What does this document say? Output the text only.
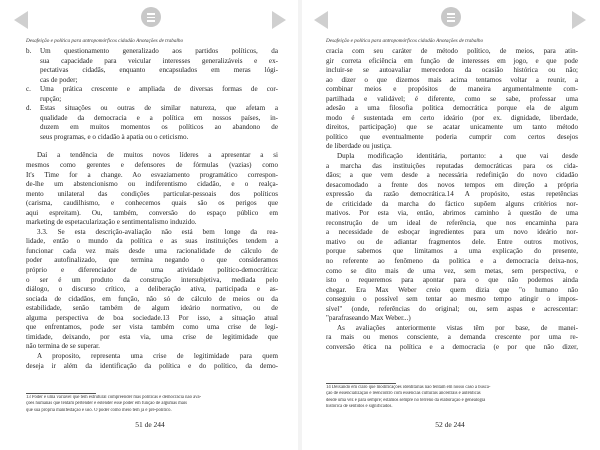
Desafeição e política para antropomórficos cidadão Anotações de trabalho
b.	Um questionamento generalizado aos partidos políticos, da
sua capacidade para veicular interesses generalizáveis e ex-
pectativas cidadãs, enquanto encapsulados em meras lógi-
cas de poder;
c.	Uma prática crescente e ampliada de diversas formas de cor-
rupção;
d.	Estas situações ou outras de similar natureza, que afetam a
qualidade da democracia e a política em nossos países, in-
duzem em muitos momentos os políticos ao abandono de
seus programas, e o cidadão à apatia ou o ceticismo.
Daí a tendência de muitos novos líderes a apresentar a si
mesmos como gerentes e defensores de fórmulas (vazias) como
It's Time for a change. Ao esvaziamento programático correspon-
de-lhe um abstencionismo ou indiferentismo cidadão, e o realça-
mento unilateral das condições particular-pessoais dos políticos
(carisma, caudilhismo, e conhecemos quais são os perigos que
aqui espreitam). Ou, também, conversão do espaço público em
marketing de espetacularização e sentimentalismo induzido.
3.3. Se esta descrição-avaliação não está bem longe da rea-
lidade, então o mundo da política e as suas instituições tendem a
funcionar cada vez mais desde uma racionalidade de cálculo de
poder autofinalizado, que termina negando o que consideramos
próprio e diferenciador de uma atividade político-democrática:
o ser é um produto da construção intersubjetiva, mediada pelo
diálogo, o discurso crítico, a deliberação ativa, participada e as-
sociada de cidadãos, em função, não só de cálculo de meios ou da
estabilidade, senão também de algum ideário normativo, ou de
alguma perspectiva de boa sociedade.13 Por isso, a situação atual
que enfrentamos, pode ser vista também como uma crise de legi-
timidade, deixando, por esta via, uma crise de legitimidade que
não termina de se superar.
A proposito, representa uma crise de legitimidade para quem
deseja ir além da identificação da política e do político, da demo-
13 Poder é uma variável que tem estrutural compreender mas políticas e democracia não ava-
ções humanas que tentam pertender e estender esse poder em função de algumas mais
que sua própria manifestação e uso. O poder como meio tem já é pré-político.
51 de 244
Desafeição e política para antropomórficos cidadão Anotações de trabalho
cracia com seu caráter de método político, de meios, para atin-
gir correta eficiência em função de interesses em jogo, e que pode
incluir-se se autoavaliar merecedora da ocasião histórica ou não;
ao dizer o que dizemos mais acima tentamos voltar a reunir, a
combinar meios e propósitos de maneira argumentalmente com-
partilhada e validável; é diferente, como se sabe, professar uma
adesão a uma filosofia política democrática porque ela de algum
modo é sustentada em certo ideário (por ex. dignidade, liberdade,
direitos, participação) que se acatar unicamente um tanto método
político que eventualmente poderia cumprir com certos desejos
de liberdade ou justiça.
Dupla modificação identitária, portanto: a que vai desde
a marcha das instituições reputadas democráticas para os cida-
dãos; a que vem desde a necessária redefinição do novo cidadão
desacomodado a frente dos novos tempos em direção a própria
expressão da razão democrática.14 A propósito, estas repetências
de criticidade da marcha do fáctico supõem alguns critérios nor-
mativos. Por esta via, então, abrimos caminho à questão de uma
reconstrução de um ideal de referência, que nos encaminha para
a necessidade de esboçar ingredientes para um novo ideário nor-
mativo ou de adiantar fragmentos dele. Entre outros motivos,
porque sabemos que limitamos a uma explicação do presente,
no referente ao fenômeno da política e a democracia deixa-nos,
como se dito mais de uma vez, sem metas, sem perspectiva, e
isto o requeremos para apontar para o que não podemos ainda
chegar. Era Max Weber creio quem dizia que "o humano não
conseguiu o possível sem tentar ao mesmo tempo atingir o impos-
sível" (onde, referências do original; ou, sem aspas e acrescentar:
"parafraseando Max Weber...)
As avaliações anteriormente vistas têm por base, de manei-
ra mais ou menos consciente, a demanda crescente por uma re-
conversão ética na política e a democracia (e por que não dizer,
14 Deixando em claro que modificações identitárias não tentam em nosso caso a busca-
ção de essencialização e reencontro com essências culturais ancestrais e autênticas
desde uma vez e para sempre; estamos sempre no terreno da elaboração e genealogia
histórica de sentidos e significados.
52 de 244
